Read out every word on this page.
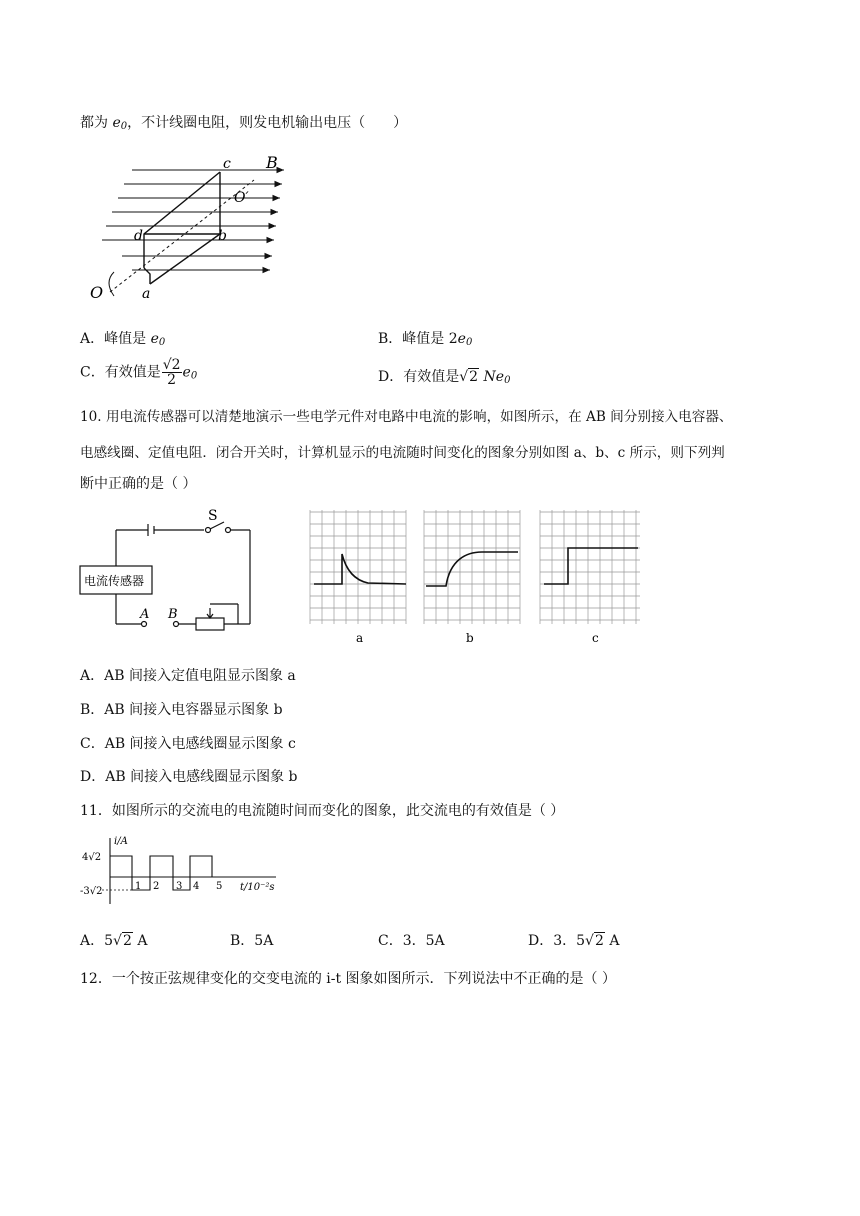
都为 $e_0$，不计线圈电阻，则发电机输出电压（　　）
c B
O′
d	b
O	a
A．峰值是 $e_0$	B．峰值是 $2e_0$
C．有效值是 $\frac{√2}{2} e_0$	D．有效值是√2 $Ne_0$
10. 用电流传感器可以清楚地演示一些电学元件对电路中电流的影响，如图所示，在 AB 间分别接入电容器、
电感线圈、定值电阻．闭合开关时，计算机显示的电流随时间变化的图象分别如图 a、b、c 所示，则下列判
断中正确的是（ ）
电流传感器
S
A B
a	b	c
A．AB 间接入定值电阻显示图象 a
B．AB 间接入电容器显示图象 b
C．AB 间接入电感线圈显示图象 c
D．AB 间接入电感线圈显示图象 b
11．如图所示的交流电的电流随时间而变化的图象，此交流电的有效值是（ ）
i/A
4√2
-3√2	1 2 3 4 5 t/10⁻²s
A．5√2 A	B．5A	C．3．5A	D．3．5√2 A
12．一个按正弦规律变化的交变电流的 i-t 图象如图所示．下列说法中不正确的是（ ）
